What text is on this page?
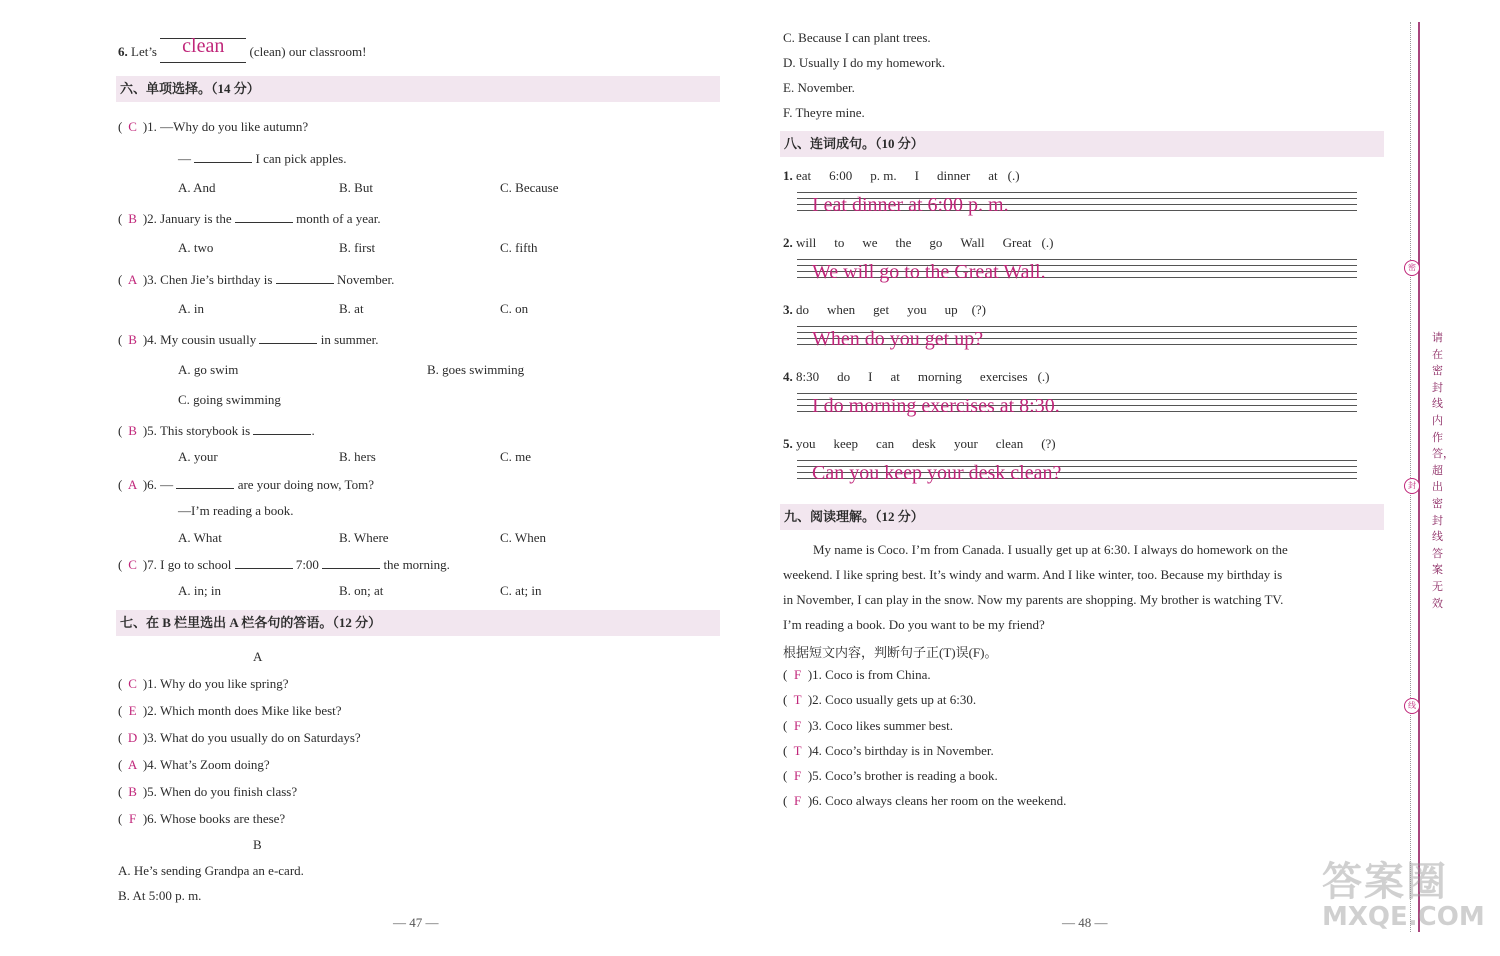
6. Let’s clean (clean) our classroom!
六、单项选择。（14 分）
( C )1. —Why do you like autumn?
—	I can pick apples.
A. And	B. But	C. Because
( B )2. January is the	month of a year.
A. two	B. first	C. fifth
( A )3. Chen Jie’s birthday is	November.
A. in	B. at	C. on
( B )4. My cousin usually	in summer.
A. go swim	B. goes swimming
C. going swimming
( B )5. This storybook is	.
A. your	B. hers	C. me
( A )6. —	are your doing now, Tom?
—I’m reading a book.
A. What	B. Where	C. When
( C )7. I go to school	7:00	the morning.
A. in; in	B. on; at	C. at; in
七、在 B 栏里选出 A 栏各句的答语。（12 分）
A
( C )1. Why do you like spring?
( E )2. Which month does Mike like best?
( D )3. What do you usually do on Saturdays?
( A )4. What’s Zoom doing?
( B )5. When do you finish class?
( F )6. Whose books are these?
B
A. He’s sending Grandpa an e-card.
B. At 5:00 p. m.
— 47 —
C. Because I can plant trees.
D. Usually I do my homework.
E. November.
F. Theyre mine.
八、连词成句。（10 分）
1. eat 6:00 p. m. I dinner at (.)
I eat dinner at 6:00 p. m.
2. will to we the go Wall Great (.)
We will go to the Great Wall.
3. do when get you up (?)
When do you get up?
4. 8:30 do I at morning exercises (.)
I do morning exercises at 8:30.
5. you keep can desk your clean (?)
Can you keep your desk clean?
九、阅读理解。（12 分）
My name is Coco. I’m from Canada. I usually get up at 6:30. I always do homework on the
weekend. I like spring best. It’s windy and warm. And I like winter, too. Because my birthday is
in November, I can play in the snow. Now my parents are shopping. My brother is watching TV.
I’m reading a book. Do you want to be my friend?
根据短文内容，判断句子正(T)误(F)。
( F )1. Coco is from China.
( T )2. Coco usually gets up at 6:30.
( F )3. Coco likes summer best.
( T )4. Coco’s birthday is in November.
( F )5. Coco’s brother is reading a book.
( F )6. Coco always cleans her room on the weekend.
— 48 —
密
封
线
请在密封线内作答，超出密封线答案无效
答案圈
MXQE.COM
